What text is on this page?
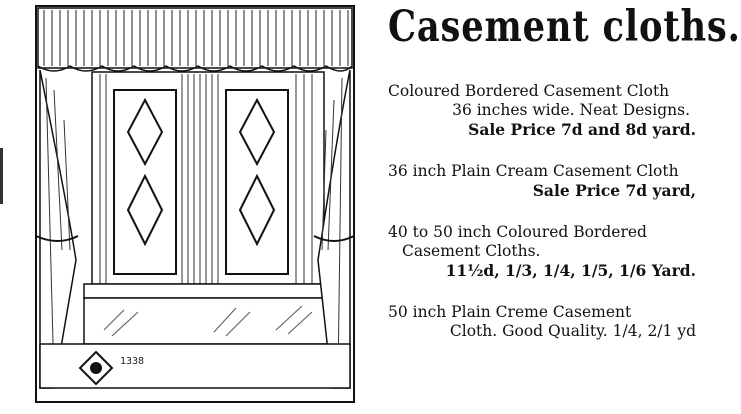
1338
Casement cloths.
Coloured Bordered Casement Cloth
36 inches wide. Neat Designs.
Sale Price 7d and 8d yard.
36 inch Plain Cream Casement Cloth
Sale Price 7d yard,
40 to 50 inch Coloured Bordered
Casement Cloths.
11½d, 1/3, 1/4, 1/5, 1/6 Yard.
50 inch Plain Creme Casement
Cloth. Good Quality. 1/4, 2/1 yd
